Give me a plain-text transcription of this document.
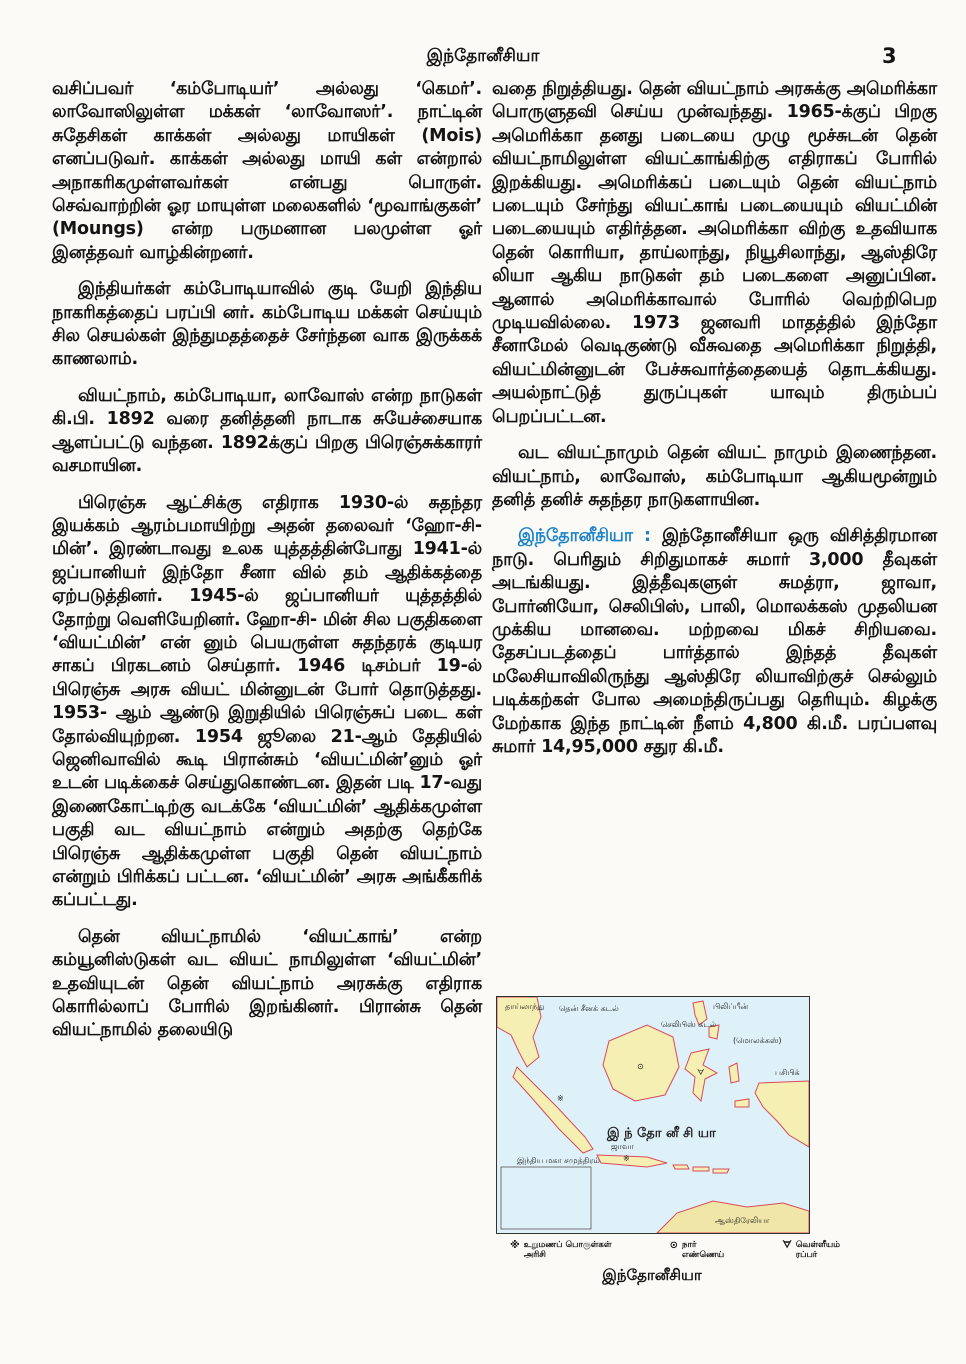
இந்தோனீசியா	3

வசிப்பவர் ‘கம்போடியர்’ அல்லது ‘கெமர்’. லாவோஸிலுள்ள மக்கள் ‘லாவோஸர்’. நாட்டின் சுதேசிகள் காக்கள் அல்லது மாயிகள் (Mois) எனப்படுவர். காக்கள் அல்லது மாயி கள் என்றால் அநாகரிகமுள்ளவர்கள் என்பது பொருள். செவ்வாற்றின் ஓர மாயுள்ள மலைகளில் ‘மூவாங்குகள்’ (Moungs) என்ற பருமனான பலமுள்ள ஓர் இனத்தவர் வாழ்கின்றனர்.

இந்தியர்கள் கம்போடியாவில் குடி யேறி இந்திய நாகரிகத்தைப் பரப்பி னர். கம்போடிய மக்கள் செய்யும் சில செயல்கள் இந்துமதத்தைச் சேர்ந்தன வாக இருக்கக் காணலாம்.

வியட்நாம், கம்போடியா, லாவோஸ் என்ற நாடுகள் கி.பி. 1892 வரை தனித்தனி நாடாக சுயேச்சையாக ஆளப்பட்டு வந்தன. 1892க்குப் பிறகு பிரெஞ்சுக்காரர் வசமாயின.

பிரெஞ்சு ஆட்சிக்கு எதிராக 1930-ல் சுதந்தர இயக்கம் ஆரம்பமாயிற்று அதன் தலைவர் ‘ஹோ-சி-மின்’. இரண்டாவது உலக யுத்தத்தின்போது 1941-ல் ஜப்பானியர் இந்தோ சீனா வில் தம் ஆதிக்கத்தை ஏற்படுத்தினர். 1945-ல் ஜப்பானியர் யுத்தத்தில் தோற்று வெளியேறினர். ஹோ-சி- மின் சில பகுதிகளை ‘வியட்மின்’ என் னும் பெயருள்ள சுதந்தரக் குடியர சாகப் பிரகடனம் செய்தார். 1946 டிசம்பர் 19-ல் பிரெஞ்சு அரசு வியட் மின்னுடன் போர் தொடுத்தது. 1953- ஆம் ஆண்டு இறுதியில் பிரெஞ்சுப் படை கள் தோல்வியுற்றன. 1954 ஜூலை 21-ஆம் தேதியில் ஜெனிவாவில் கூடி பிரான்சும் ‘வியட்மின்’னும் ஓர் உடன் படிக்கைச் செய்துகொண்டன. இதன் படி 17-வது இணைகோட்டிற்கு வடக்கே ‘வியட்மின்’ ஆதிக்கமுள்ள பகுதி வட வியட்நாம் என்றும் அதற்கு தெற்கே பிரெஞ்சு ஆதிக்கமுள்ள பகுதி தென் வியட்நாம் என்றும் பிரிக்கப் பட்டன. ‘வியட்மின்’ அரசு அங்கீகரிக் கப்பட்டது.

தென் வியட்நாமில் ‘வியட்காங்’ என்ற கம்யூனிஸ்டுகள் வட வியட் நாமிலுள்ள ‘வியட்மின்’ உதவியுடன் தென் வியட்நாம் அரசுக்கு எதிராக கொரில்லாப் போரில் இறங்கினர். பிரான்சு தென் வியட்நாமில் தலையிடு

வதை நிறுத்தியது. தென் வியட்நாம் அரசுக்கு அமெரிக்கா பொருளுதவி செய்ய முன்வந்தது. 1965-க்குப் பிறகு அமெரிக்கா தனது படையை முழு மூச்சுடன் தென் வியட்நாமிலுள்ள வியட்காங்கிற்கு எதிராகப் போரில் இறக்கியது. அமெரிக்கப் படையும் தென் வியட்நாம் படையும் சேர்ந்து வியட்காங் படையையும் வியட்மின் படையையும் எதிர்த்தன. அமெரிக்கா விற்கு உதவியாக தென் கொரியா, தாய்லாந்து, நியூசிலாந்து, ஆஸ்திரே லியா ஆகிய நாடுகள் தம் படைகளை அனுப்பின. ஆனால் அமெரிக்காவால் போரில் வெற்றிபெற முடியவில்லை. 1973 ஜனவரி மாதத்தில் இந்தோ சீனாமேல் வெடிகுண்டு வீசுவதை அமெரிக்கா நிறுத்தி, வியட்மின்னுடன் பேச்சுவார்த்தையைத் தொடக்கியது. அயல்நாட்டுத் துருப்புகள் யாவும் திரும்பப் பெறப்பட்டன.

வட வியட்நாமும் தென் வியட் நாமும் இணைந்தன. வியட்நாம், லாவோஸ், கம்போடியா ஆகியமூன்றும் தனித் தனிச் சுதந்தர நாடுகளாயின.

இந்தோனீசியா : இந்தோனீசியா ஒரு விசித்திரமான நாடு. பெரிதும் சிறிதுமாகச் சுமார் 3,000 தீவுகள் அடங்கியது. இத்தீவுகளுள் சுமத்ரா, ஜாவா, போர்னியோ, செலிபிஸ், பாலி, மொலக்கஸ் முதலியன முக்கிய மானவை. மற்றவை மிகச் சிறியவை. தேசப்படத்தைப் பார்த்தால் இந்தத் தீவுகள் மலேசியாவிலிருந்து ஆஸ்திரே லியாவிற்குச் செல்லும் படிக்கற்கள் போல அமைந்திருப்பது தெரியும். கிழக்கு மேற்காக இந்த நாட்டின் நீளம் 4,800 கி.மீ. பரப்பளவு சுமார் 14,95,000 சதுர கி.மீ.

※
⊙
※
ᗊ
தென் சீனக் கடல்
தாய்லாந்து	பிலிப்பீன்
செலிபிஸ் கடல்
(மொலக்கஸ்)
இ ந் தோ னீ சி யா
ஜாவா
இந்திய மகா சமுத்திரம்
ஆஸ்திரேலியா
பசிபிக்
※ உறுமணப் பொருள்கள்
அரிசி
⊙ நார்
எண்ணெய்
ᗊ வெள்ளீயம்
ரப்பர்
இந்தோனீசியா
